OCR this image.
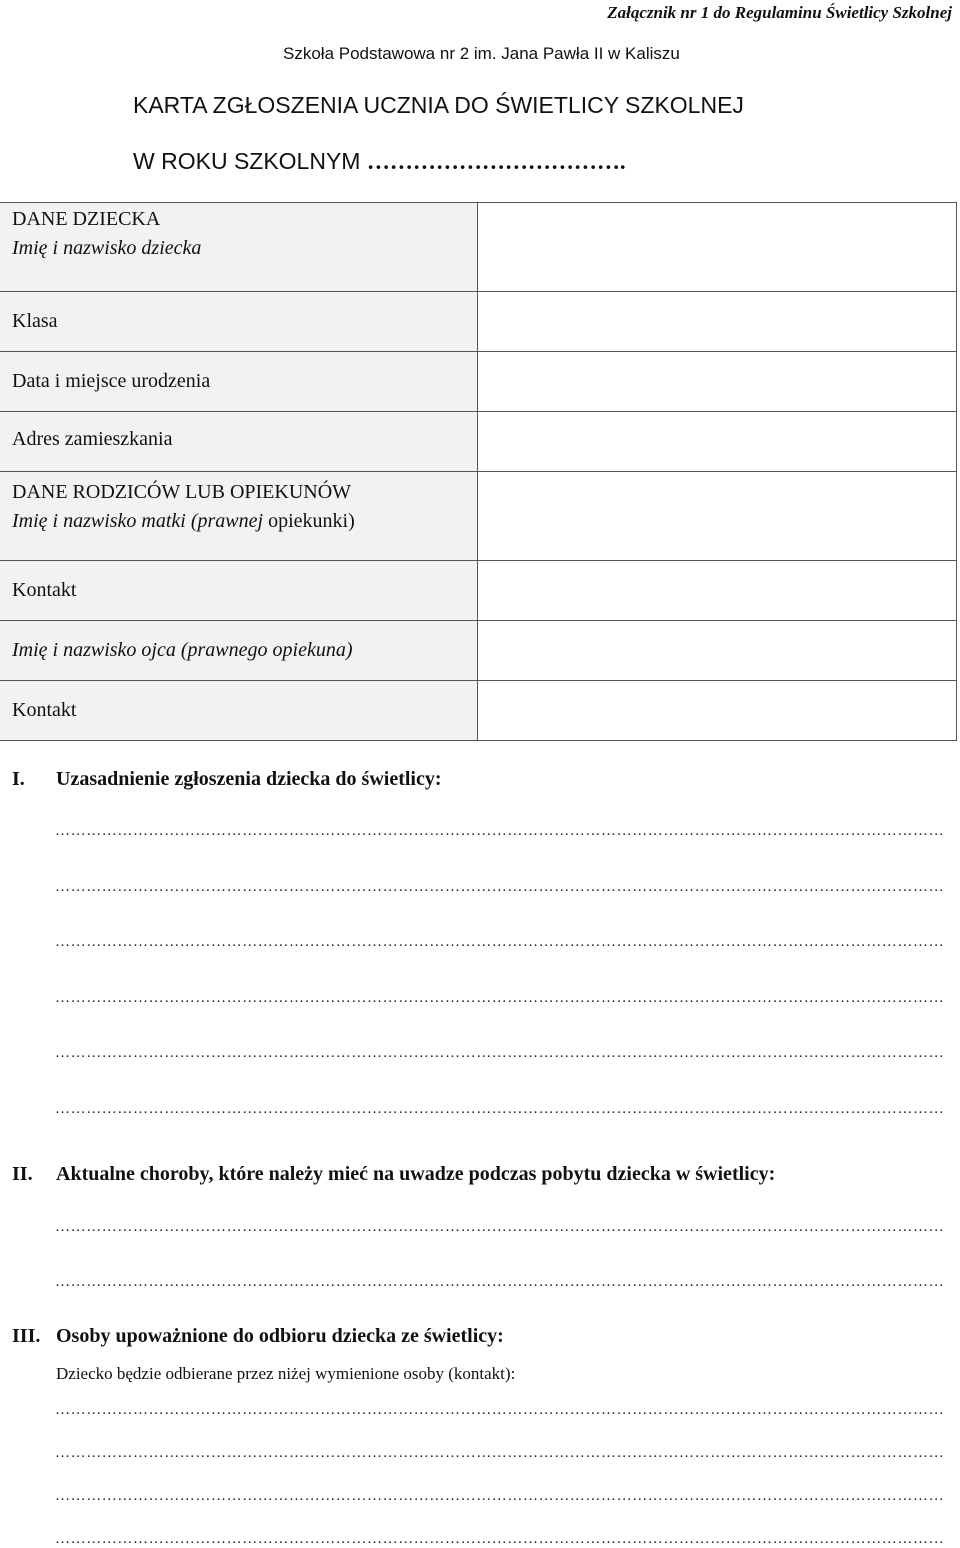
Załącznik nr 1 do Regulaminu Świetlicy Szkolnej
Szkoła Podstawowa nr 2 im. Jana Pawła II w Kaliszu
KARTA ZGŁOSZENIA UCZNIA DO ŚWIETLICY SZKOLNEJ
W ROKU SZKOLNYM …………………………….
DANE DZIECKA
Imię i nazwisko dziecka	

Klasa	

Data i miejsce urodzenia	

Adres zamieszkania	

DANE RODZICÓW LUB OPIEKUNÓW
Imię i nazwisko matki (prawnej opiekunki)	

Kontakt	

Imię i nazwisko ojca (prawnego opiekuna)	

Kontakt	

I. Uzasadnienie zgłoszenia dziecka do świetlicy:
………………………………………………………………………………………………………………………………………………………
………………………………………………………………………………………………………………………………………………………
………………………………………………………………………………………………………………………………………………………
………………………………………………………………………………………………………………………………………………………
………………………………………………………………………………………………………………………………………………………
………………………………………………………………………………………………………………………………………………………
II. Aktualne choroby, które należy mieć na uwadze podczas pobytu dziecka w świetlicy:
………………………………………………………………………………………………………………………………………………………
………………………………………………………………………………………………………………………………………………………
III. Osoby upoważnione do odbioru dziecka ze świetlicy:
Dziecko będzie odbierane przez niżej wymienione osoby (kontakt):
………………………………………………………………………………………………………………………………………………………
………………………………………………………………………………………………………………………………………………………
………………………………………………………………………………………………………………………………………………………
………………………………………………………………………………………………………………………………………………………
